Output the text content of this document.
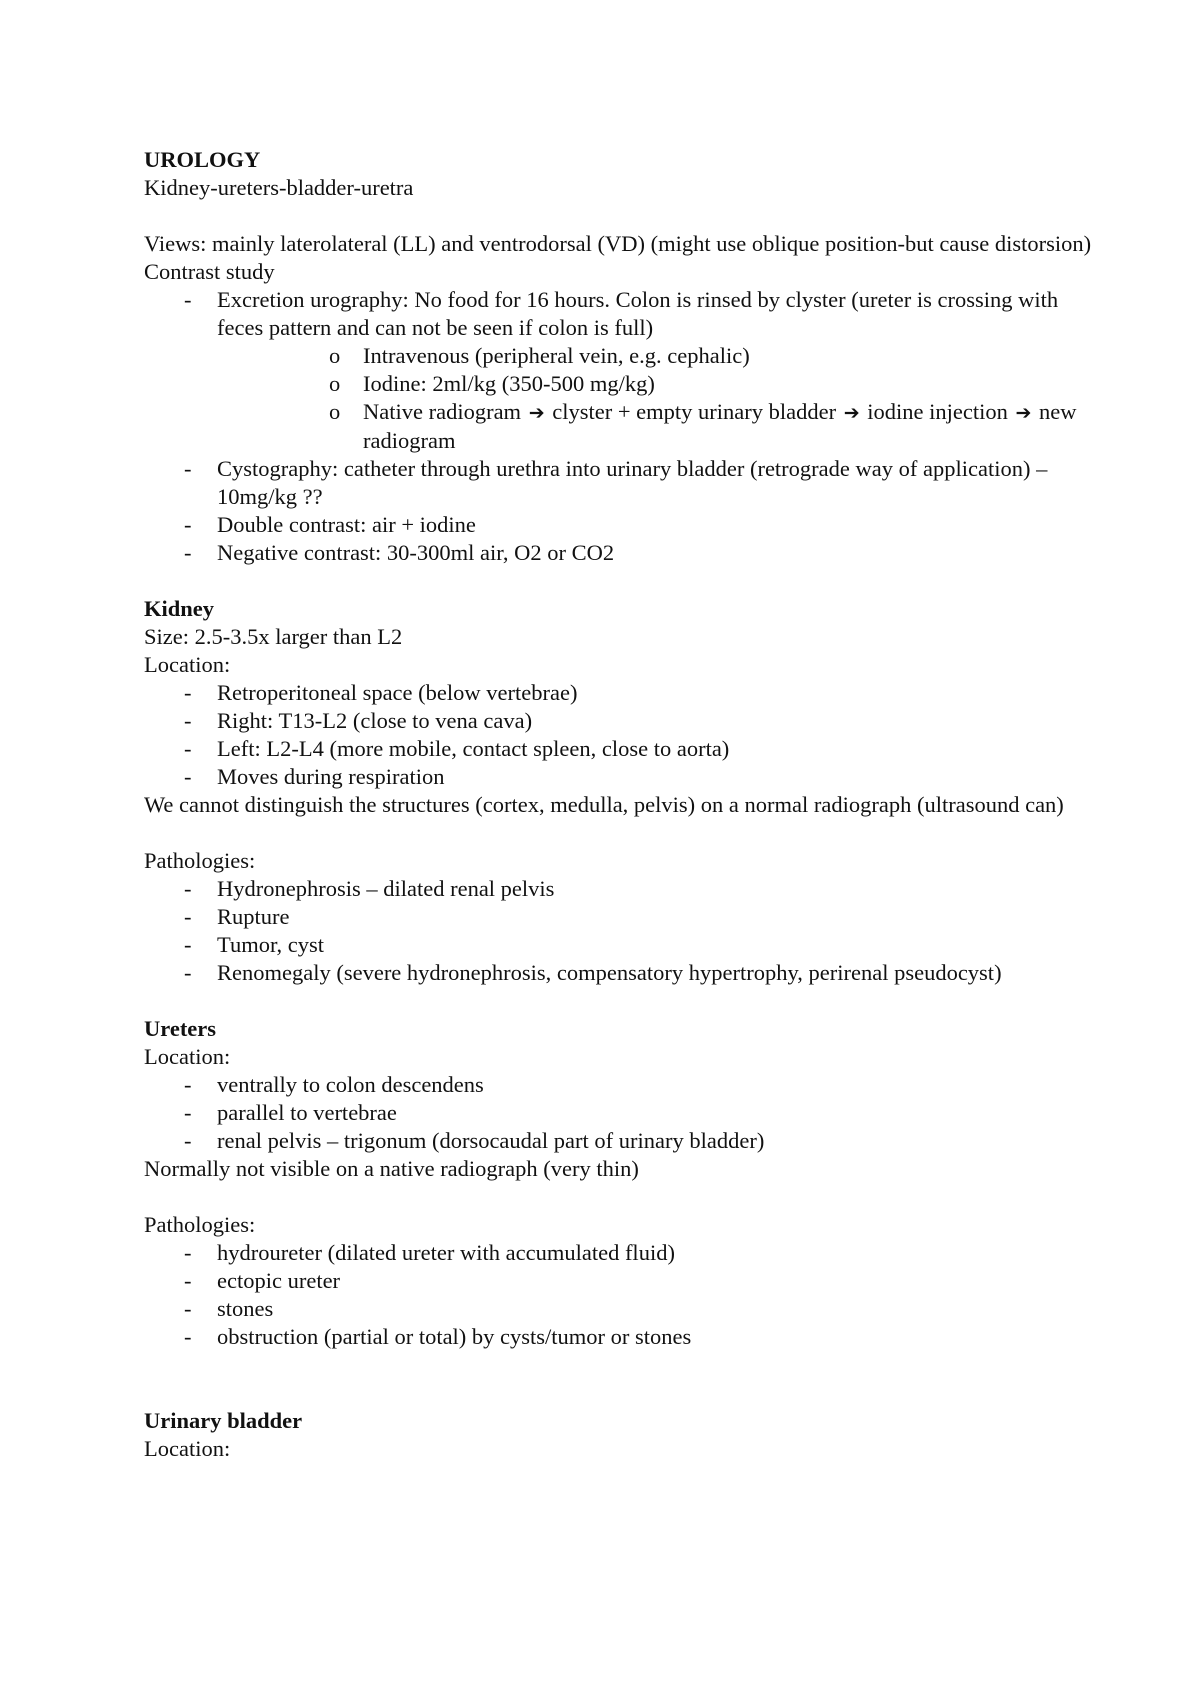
UROLOGY
Kidney-ureters-bladder-uretra
Views: mainly laterolateral (LL) and ventrodorsal (VD) (might use oblique position-but cause distorsion)
Contrast study
- Excretion urography: No food for 16 hours. Colon is rinsed by clyster (ureter is crossing with feces pattern and can not be seen if colon is full)
o Intravenous (peripheral vein, e.g. cephalic)
o Iodine: 2ml/kg (350-500 mg/kg)
o Native radiogram ➔ clyster + empty urinary bladder ➔ iodine injection ➔ new radiogram
- Cystography: catheter through urethra into urinary bladder (retrograde way of application) – 10mg/kg ??
- Double contrast: air + iodine
- Negative contrast: 30-300ml air, O2 or CO2
Kidney
Size: 2.5-3.5x larger than L2
Location:
- Retroperitoneal space (below vertebrae)
- Right: T13-L2 (close to vena cava)
- Left: L2-L4 (more mobile, contact spleen, close to aorta)
- Moves during respiration
We cannot distinguish the structures (cortex, medulla, pelvis) on a normal radiograph (ultrasound can)
Pathologies:
- Hydronephrosis – dilated renal pelvis
- Rupture
- Tumor, cyst
- Renomegaly (severe hydronephrosis, compensatory hypertrophy, perirenal pseudocyst)
Ureters
Location:
- ventrally to colon descendens
- parallel to vertebrae
- renal pelvis – trigonum (dorsocaudal part of urinary bladder)
Normally not visible on a native radiograph (very thin)
Pathologies:
- hydroureter (dilated ureter with accumulated fluid)
- ectopic ureter
- stones
- obstruction (partial or total) by cysts/tumor or stones
Urinary bladder
Location:
